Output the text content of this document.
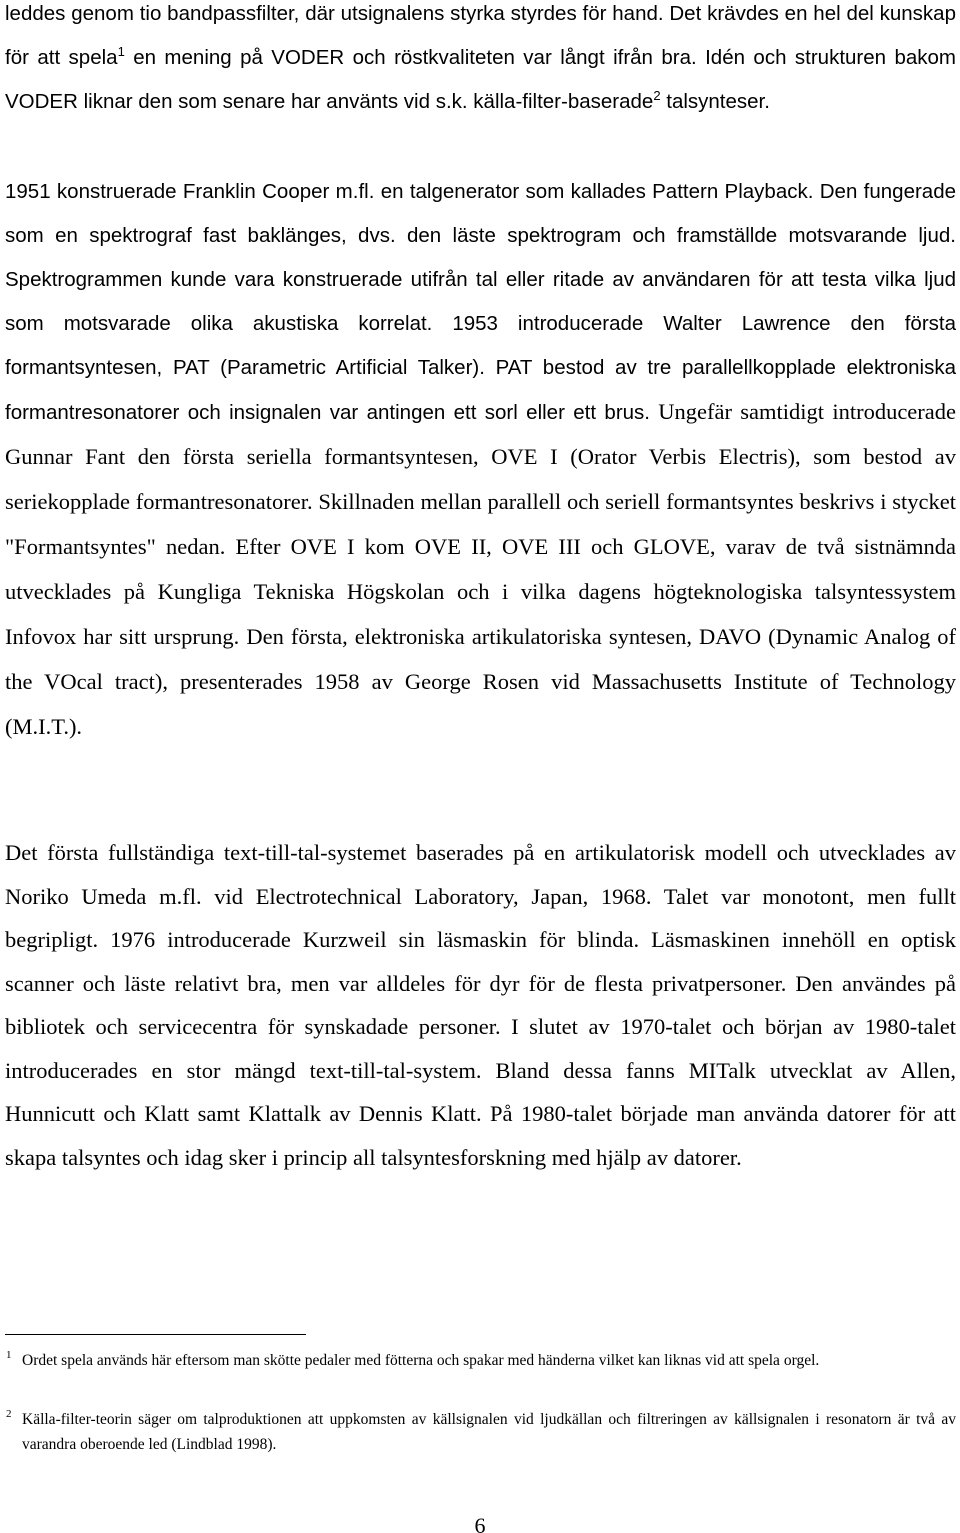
leddes genom tio bandpassfilter, där utsignalens styrka styrdes för hand. Det krävdes en hel del kunskap för att spela$^1$ en mening på VODER och röstkvaliteten var långt ifrån bra. Idén och strukturen bakom VODER liknar den som senare har använts vid s.k. källa-filter-baserade$^2$ talsynteser.

1951 konstruerade Franklin Cooper m.fl. en talgenerator som kallades Pattern Playback. Den fungerade som en spektrograf fast baklänges, dvs. den läste spektrogram och framställde motsvarande ljud. Spektrogrammen kunde vara konstruerade utifrån tal eller ritade av användaren för att testa vilka ljud som motsvarade olika akustiska korrelat. 1953 introducerade Walter Lawrence den första formantsyntesen, PAT (Parametric Artificial Talker). PAT bestod av tre parallellkopplade elektroniska formantresonatorer och insignalen var antingen ett sorl eller ett brus. Ungefär samtidigt introducerade Gunnar Fant den första seriella formantsyntesen, OVE I (Orator Verbis Electris), som bestod av seriekopplade formantresonatorer. Skillnaden mellan parallell och seriell formantsyntes beskrivs i stycket "Formantsyntes" nedan. Efter OVE I kom OVE II, OVE III och GLOVE, varav de två sistnämnda utvecklades på Kungliga Tekniska Högskolan och i vilka dagens högteknologiska talsyntessystem Infovox har sitt ursprung. Den första, elektroniska artikulatoriska syntesen, DAVO (Dynamic Analog of the VOcal tract), presenterades 1958 av George Rosen vid Massachusetts Institute of Technology (M.I.T.).

Det första fullständiga text-till-tal-systemet baserades på en artikulatorisk modell och utvecklades av Noriko Umeda m.fl. vid Electrotechnical Laboratory, Japan, 1968. Talet var monotont, men fullt begripligt. 1976 introducerade Kurzweil sin läsmaskin för blinda. Läsmaskinen innehöll en optisk scanner och läste relativt bra, men var alldeles för dyr för de flesta privatpersoner. Den användes på bibliotek och servicecentra för synskadade personer. I slutet av 1970-talet och början av 1980-talet introducerades en stor mängd text-till-tal-system. Bland dessa fanns MITalk utvecklat av Allen, Hunnicutt och Klatt samt Klattalk av Dennis Klatt. På 1980-talet började man använda datorer för att skapa talsyntes och idag sker i princip all talsyntesforskning med hjälp av datorer.

1 Ordet spela används här eftersom man skötte pedaler med fötterna och spakar med händerna vilket kan liknas vid att spela orgel.

2 Källa-filter-teorin säger om talproduktionen att uppkomsten av källsignalen vid ljudkällan och filtreringen av källsignalen i resonatorn är två av varandra oberoende led (Lindblad 1998).

6
